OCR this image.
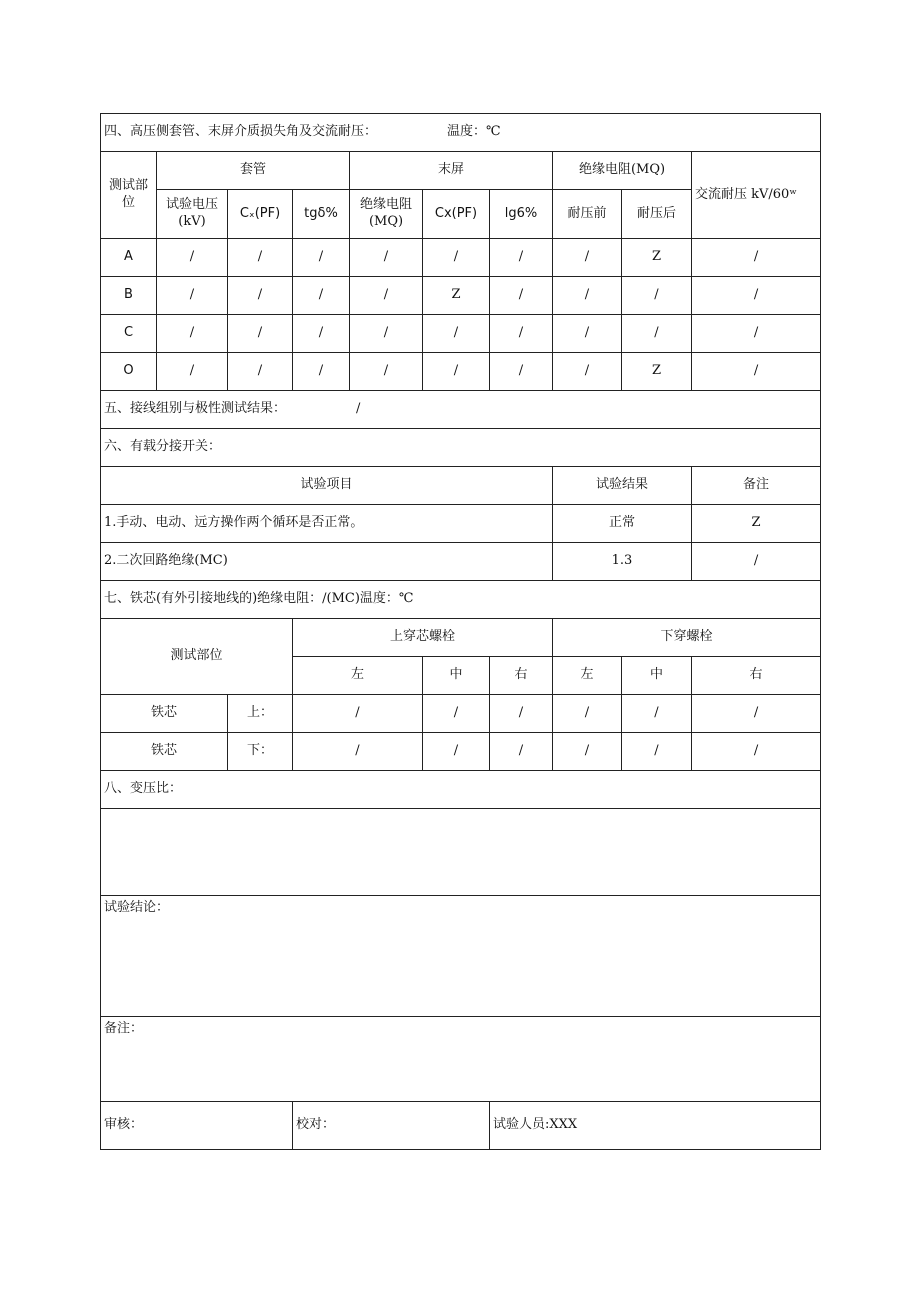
四、高压侧套管、末屏介质损失角及交流耐压： 温度：℃									
测试部位	套管			末屏			绝缘电阻(MQ)		交流耐压 kV/60ʷ
	试验电压(kV)	Cₓ(PF)	tgδ%	绝缘电阻(MQ)	Cx(PF)	lg6%	耐压前	耐压后	
A	/	/	/	/	/	/	/	Z	/
B	/	/	/	/	Z	/	/	/	/
C	/	/	/	/	/	/	/	/	/
O	/	/	/	/	/	/	/	Z	/
五、接线组别与极性测试结果： /									
六、有载分接开关：									
试验项目							试验结果		备注
1.手动、电动、远方操作两个循环是否正常。							正常		Z
2.二次回路绝缘(MC)							1.3		/
七、铁芯(有外引接地线的)绝缘电阻：/(MC)温度：℃									
测试部位			上穿芯螺栓				下穿螺栓		
			左		中	右	左	中	右
铁芯		上：	/		/	/	/	/	/
铁芯		下：	/		/	/	/	/	/
八、变压比：									

试验结论：									
备注：									
审核：			校对：			试验人员:XXX			
